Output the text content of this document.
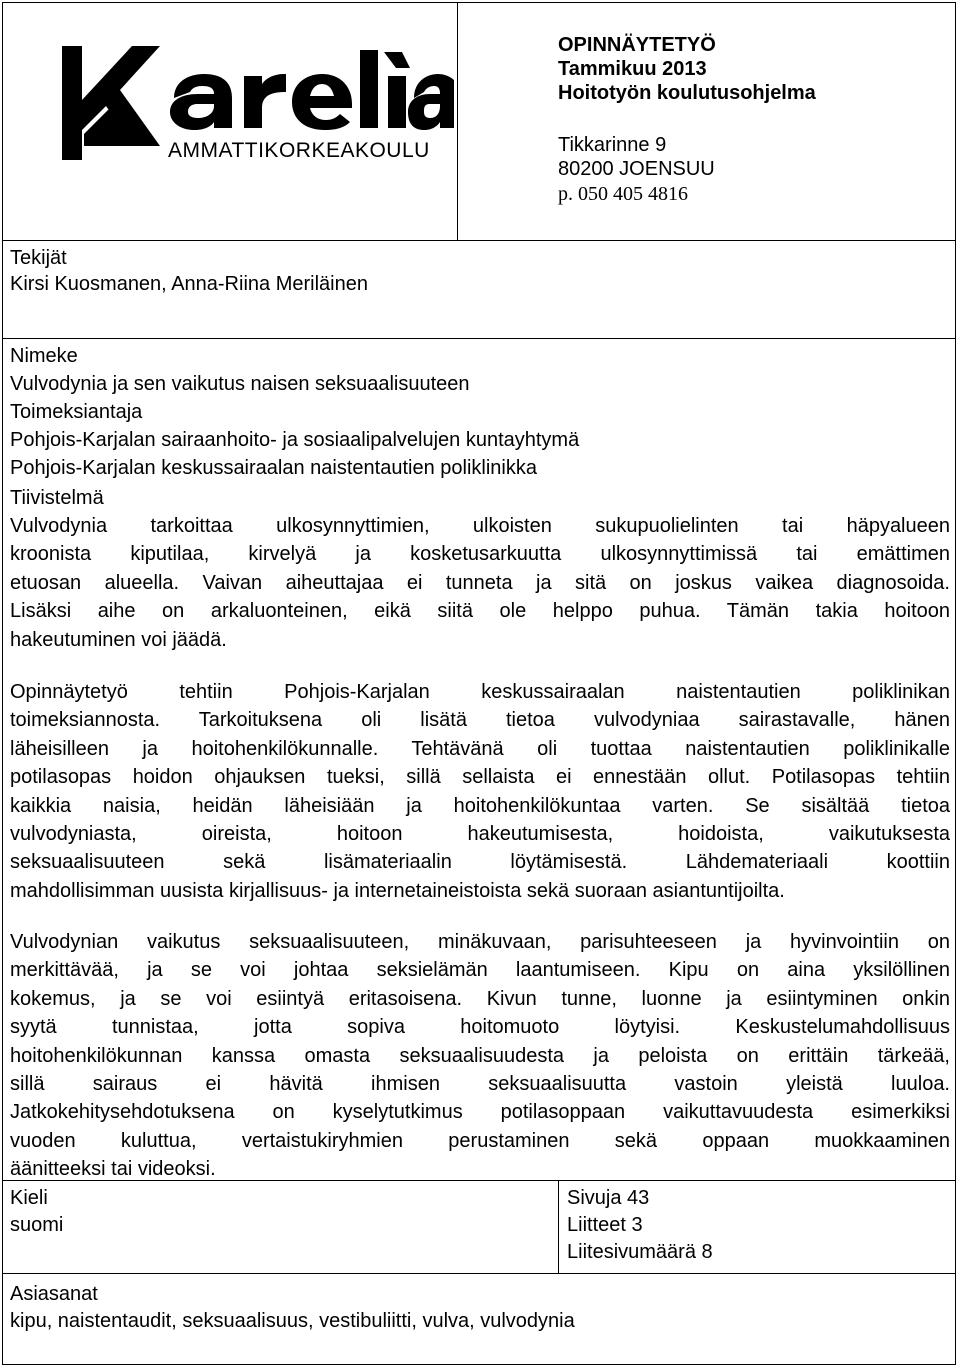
AMMATTIKORKEAKOULU
OPINNÄYTETYÖ
Tammikuu 2013
Hoitotyön koulutusohjelma
Tikkarinne 9
80200 JOENSUU
p. 050 405 4816
Tekijät
Kirsi Kuosmanen, Anna-Riina Meriläinen
Nimeke
Vulvodynia ja sen vaikutus naisen seksuaalisuuteen
Toimeksiantaja
Pohjois-Karjalan sairaanhoito- ja sosiaalipalvelujen kuntayhtymä
Pohjois-Karjalan keskussairaalan naistentautien poliklinikka
Tiivistelmä
Vulvodynia tarkoittaa ulkosynnyttimien, ulkoisten sukupuolielinten tai häpyalueen
kroonista kiputilaa, kirvelyä ja kosketusarkuutta ulkosynnyttimissä tai emättimen
etuosan alueella. Vaivan aiheuttajaa ei tunneta ja sitä on joskus vaikea diagnosoida.
Lisäksi aihe on arkaluonteinen, eikä siitä ole helppo puhua. Tämän takia hoitoon
hakeutuminen voi jäädä.
Opinnäytetyö tehtiin Pohjois-Karjalan keskussairaalan naistentautien poliklinikan
toimeksiannosta. Tarkoituksena oli lisätä tietoa vulvodyniaa sairastavalle, hänen
läheisilleen ja hoitohenkilökunnalle. Tehtävänä oli tuottaa naistentautien poliklinikalle
potilasopas hoidon ohjauksen tueksi, sillä sellaista ei ennestään ollut. Potilasopas tehtiin
kaikkia naisia, heidän läheisiään ja hoitohenkilökuntaa varten. Se sisältää tietoa
vulvodyniasta, oireista, hoitoon hakeutumisesta, hoidoista, vaikutuksesta
seksuaalisuuteen sekä lisämateriaalin löytämisestä. Lähdemateriaali koottiin
mahdollisimman uusista kirjallisuus- ja internetaineistoista sekä suoraan asiantuntijoilta.
Vulvodynian vaikutus seksuaalisuuteen, minäkuvaan, parisuhteeseen ja hyvinvointiin on
merkittävää, ja se voi johtaa seksielämän laantumiseen. Kipu on aina yksilöllinen
kokemus, ja se voi esiintyä eritasoisena. Kivun tunne, luonne ja esiintyminen onkin
syytä tunnistaa, jotta sopiva hoitomuoto löytyisi. Keskustelumahdollisuus
hoitohenkilökunnan kanssa omasta seksuaalisuudesta ja peloista on erittäin tärkeää,
sillä sairaus ei hävitä ihmisen seksuaalisuutta vastoin yleistä luuloa.
Jatkokehitysehdotuksena on kyselytutkimus potilasoppaan vaikuttavuudesta esimerkiksi
vuoden kuluttua, vertaistukiryhmien perustaminen sekä oppaan muokkaaminen
äänitteeksi tai videoksi.
Kieli
suomi
Sivuja 43
Liitteet 3
Liitesivumäärä 8
Asiasanat
kipu, naistentaudit, seksuaalisuus, vestibuliitti, vulva, vulvodynia
